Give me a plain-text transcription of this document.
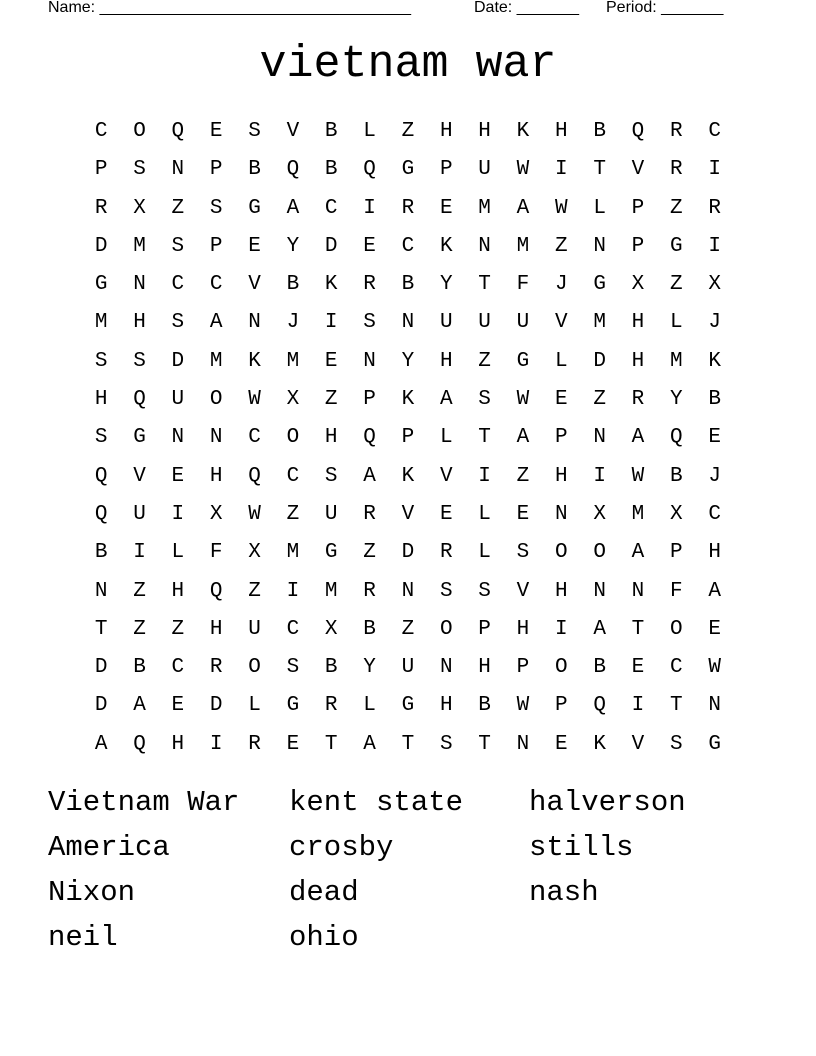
Name: ___________________________________	Date: _______ Period: _______
vietnam war
C	O	Q	E	S	V	B	L	Z	H	H	K	H	B	Q	R	C
P	S	N	P	B	Q	B	Q	G	P	U	W	I	T	V	R	I
R	X	Z	S	G	A	C	I	R	E	M	A	W	L	P	Z	R
D	M	S	P	E	Y	D	E	C	K	N	M	Z	N	P	G	I
G	N	C	C	V	B	K	R	B	Y	T	F	J	G	X	Z	X
M	H	S	A	N	J	I	S	N	U	U	U	V	M	H	L	J
S	S	D	M	K	M	E	N	Y	H	Z	G	L	D	H	M	K
H	Q	U	O	W	X	Z	P	K	A	S	W	E	Z	R	Y	B
S	G	N	N	C	O	H	Q	P	L	T	A	P	N	A	Q	E
Q	V	E	H	Q	C	S	A	K	V	I	Z	H	I	W	B	J
Q	U	I	X	W	Z	U	R	V	E	L	E	N	X	M	X	C
B	I	L	F	X	M	G	Z	D	R	L	S	O	O	A	P	H
N	Z	H	Q	Z	I	M	R	N	S	S	V	H	N	N	F	A
T	Z	Z	H	U	C	X	B	Z	O	P	H	I	A	T	O	E
D	B	C	R	O	S	B	Y	U	N	H	P	O	B	E	C	W
D	A	E	D	L	G	R	L	G	H	B	W	P	Q	I	T	N
A	Q	H	I	R	E	T	A	T	S	T	N	E	K	V	S	G
Vietnam War	kent state	halverson
America	crosby	stills
Nixon	dead	nash
neil	ohio
